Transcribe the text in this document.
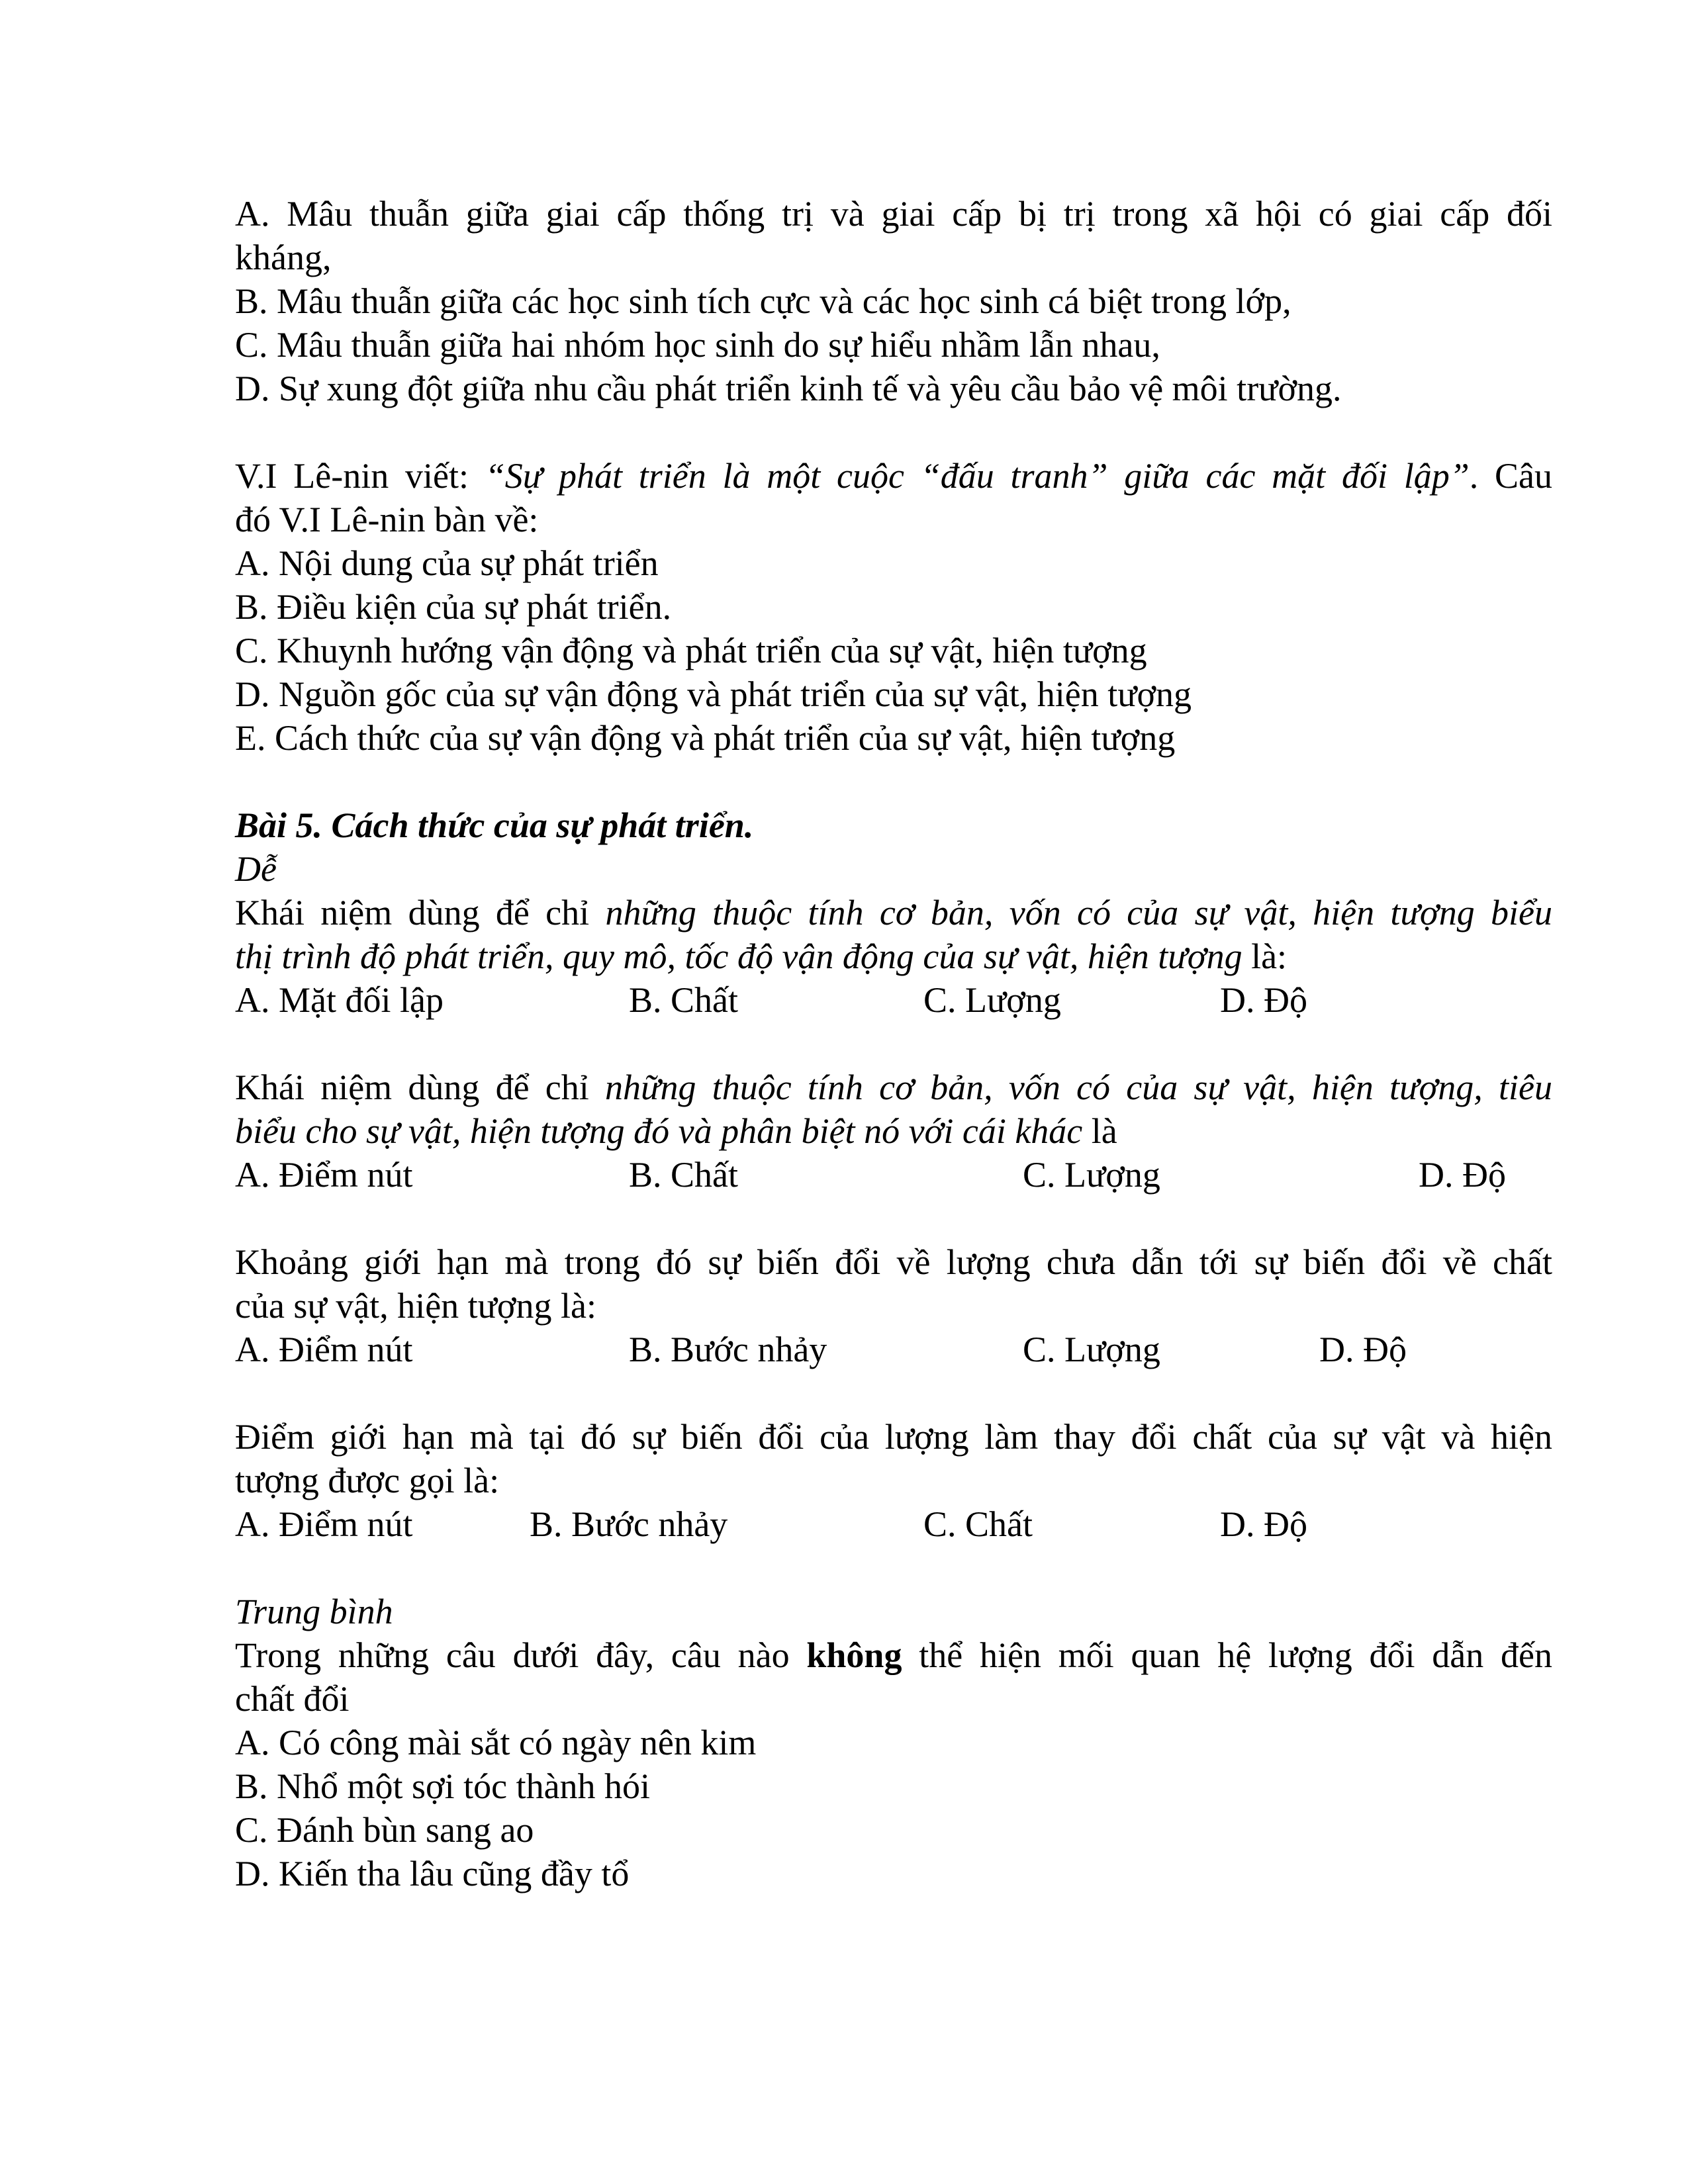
A. Mâu thuẫn giữa giai cấp thống trị và giai cấp bị trị trong xã hội có giai cấp đối
kháng,
B. Mâu thuẫn giữa các học sinh tích cực và các học sinh cá biệt trong lớp,
C. Mâu thuẫn giữa hai nhóm học sinh do sự hiểu nhầm lẫn nhau,
D. Sự xung đột giữa nhu cầu phát triển kinh tế và yêu cầu bảo vệ môi trường.
V.I Lê-nin viết: “Sự phát triển là một cuộc “đấu tranh” giữa các mặt đối lập”. Câu
đó V.I Lê-nin bàn về:
A. Nội dung của sự phát triển
B. Điều kiện của sự phát triển.
C. Khuynh hướng vận động và phát triển của sự vật, hiện tượng
D. Nguồn gốc của sự vận động và phát triển của sự vật, hiện tượng
E. Cách thức của sự vận động và phát triển của sự vật, hiện tượng
Bài 5. Cách thức của sự phát triển.
Dễ
Khái niệm dùng để chỉ những thuộc tính cơ bản, vốn có của sự vật, hiện tượng biểu
thị trình độ phát triển, quy mô, tốc độ vận động của sự vật, hiện tượng là:
A. Mặt đối lập	B. Chất	C. Lượng	D. Độ
Khái niệm dùng để chỉ những thuộc tính cơ bản, vốn có của sự vật, hiện tượng, tiêu
biểu cho sự vật, hiện tượng đó và phân biệt nó với cái khác là
A. Điểm nút	B. Chất	C. Lượng	D. Độ
Khoảng giới hạn mà trong đó sự biến đổi về lượng chưa dẫn tới sự biến đổi về chất
của sự vật, hiện tượng là:
A. Điểm nút	B. Bước nhảy	C. Lượng	D. Độ
Điểm giới hạn mà tại đó sự biến đổi của lượng làm thay đổi chất của sự vật và hiện
tượng được gọi là:
A. Điểm nút	B. Bước nhảy	C. Chất	D. Độ
Trung bình
Trong những câu dưới đây, câu nào không thể hiện mối quan hệ lượng đổi dẫn đến
chất đổi
A. Có công mài sắt có ngày nên kim
B. Nhổ một sợi tóc thành hói
C. Đánh bùn sang ao
D. Kiến tha lâu cũng đầy tổ
